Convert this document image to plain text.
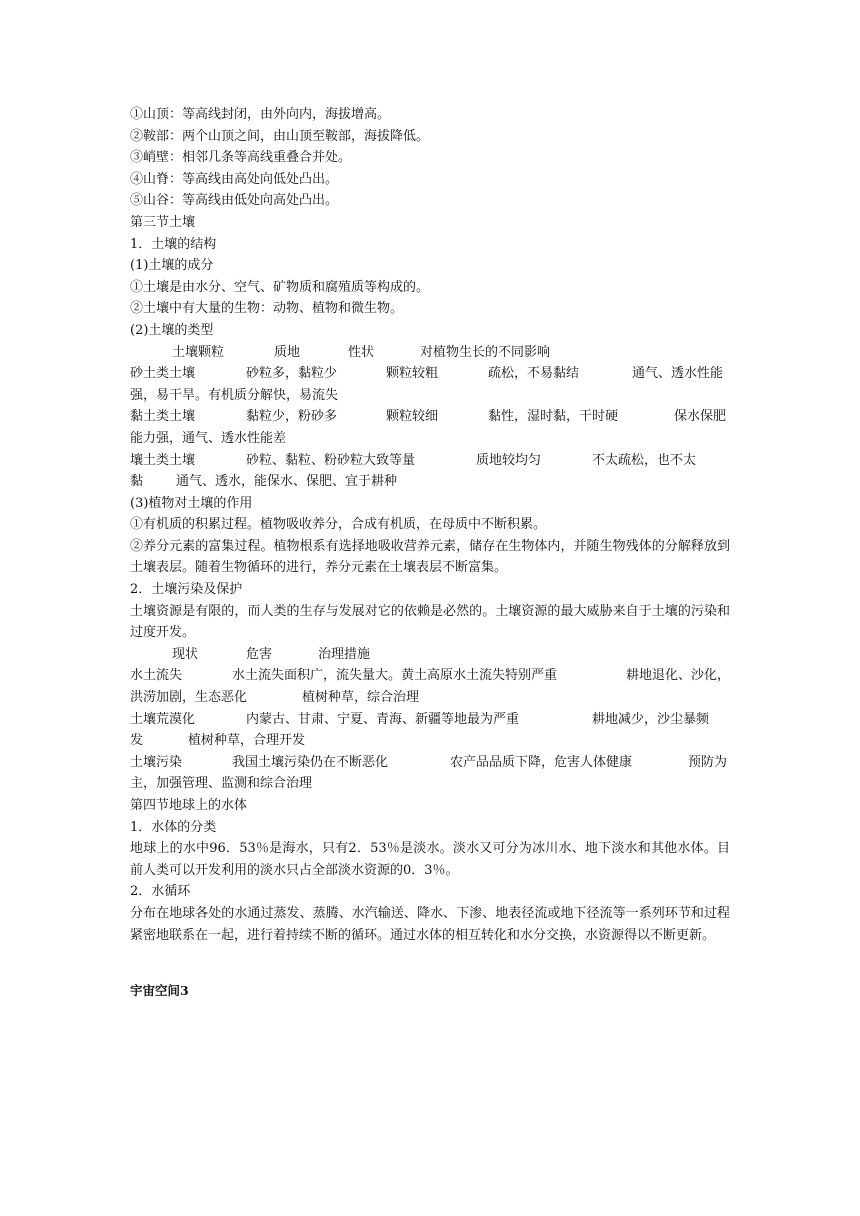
①山顶：等高线封闭，由外向内，海拔增高。
②鞍部：两个山顶之间，由山顶至鞍部，海拔降低。
③峭壁：相邻几条等高线重叠合并处。
④山脊：等高线由高处向低处凸出。
⑤山谷：等高线由低处向高处凸出。
第三节土壤
1．土壤的结构
(1)土壤的成分
①土壤是由水分、空气、矿物质和腐殖质等构成的。
②土壤中有大量的生物：动物、植物和微生物。
(2)土壤的类型
土壤颗粒	质地	性状	对植物生长的不同影响
砂土类土壤	砂粒多，黏粒少	颗粒较粗	疏松，不易黏结	通气、透水性能
强，易干旱。有机质分解快，易流失
黏土类土壤	黏粒少，粉砂多	颗粒较细	黏性，湿时黏，干时硬	保水保肥
能力强，通气、透水性能差
壤土类土壤	砂粒、黏粒、粉砂粒大致等量	质地较均匀	不太疏松，也不太
黏	通气、透水，能保水、保肥、宜于耕种
(3)植物对土壤的作用
①有机质的积累过程。植物吸收养分，合成有机质，在母质中不断积累。
②养分元素的富集过程。植物根系有选择地吸收营养元素，储存在生物体内，并随生物残体的分解释放到土壤表层。随着生物循环的进行，养分元素在土壤表层不断富集。
2．土壤污染及保护
土壤资源是有限的，而人类的生存与发展对它的依赖是必然的。土壤资源的最大威胁来自于土壤的污染和过度开发。
现状	危害	治理措施
水土流失	水土流失面积广，流失量大。黄土高原水土流失特别严重	耕地退化、沙化，
洪涝加剧，生态恶化	植树种草，综合治理
土壤荒漠化	内蒙古、甘肃、宁夏、青海、新疆等地最为严重	耕地减少，沙尘暴频
发	植树种草，合理开发
土壤污染	我国土壤污染仍在不断恶化	农产品品质下降，危害人体健康	预防为
主，加强管理、监测和综合治理
第四节地球上的水体
1．水体的分类
地球上的水中96．53％是海水，只有2．53％是淡水。淡水又可分为冰川水、地下淡水和其他水体。目前人类可以开发利用的淡水只占全部淡水资源的0．3％。
2．水循环
分布在地球各处的水通过蒸发、蒸腾、水汽输送、降水、下渗、地表径流或地下径流等一系列环节和过程紧密地联系在一起，进行着持续不断的循环。通过水体的相互转化和水分交换，水资源得以不断更新。
宇宙空间3
